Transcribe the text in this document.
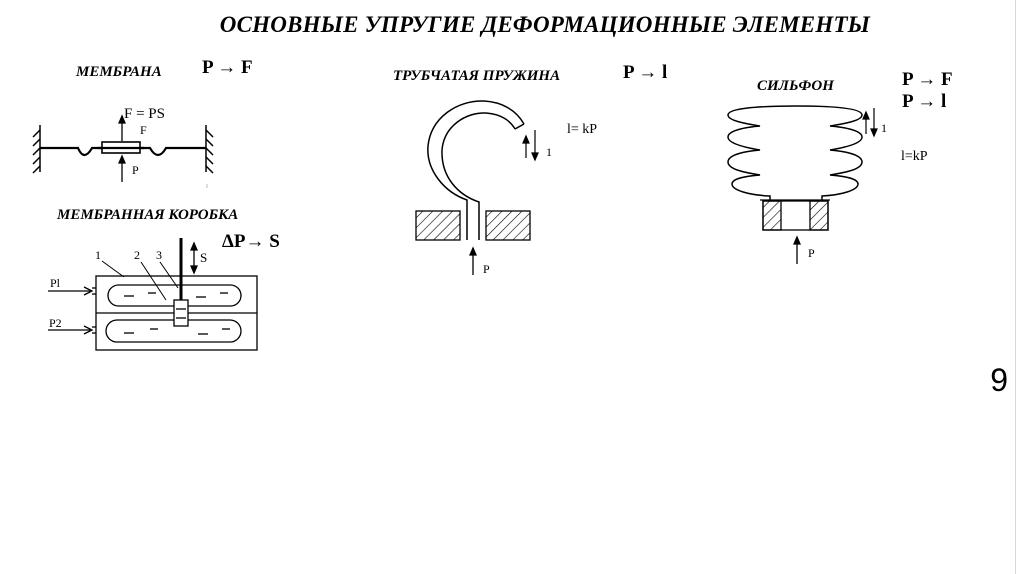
ОСНОВНЫЕ УПРУГИЕ ДЕФОРМАЦИОННЫЕ ЭЛЕМЕНТЫ
МЕМБРАНА P → F
МЕМБРАННАЯ КОРОБКА
ΔP→ S
ТРУБЧАТАЯ ПРУЖИНА	P → l
СИЛЬФОН	P → F
P → l
9
F = PS
F
P
1	2 3	S
Pl
P2
l= kP
1
P
1
l=kP
P
